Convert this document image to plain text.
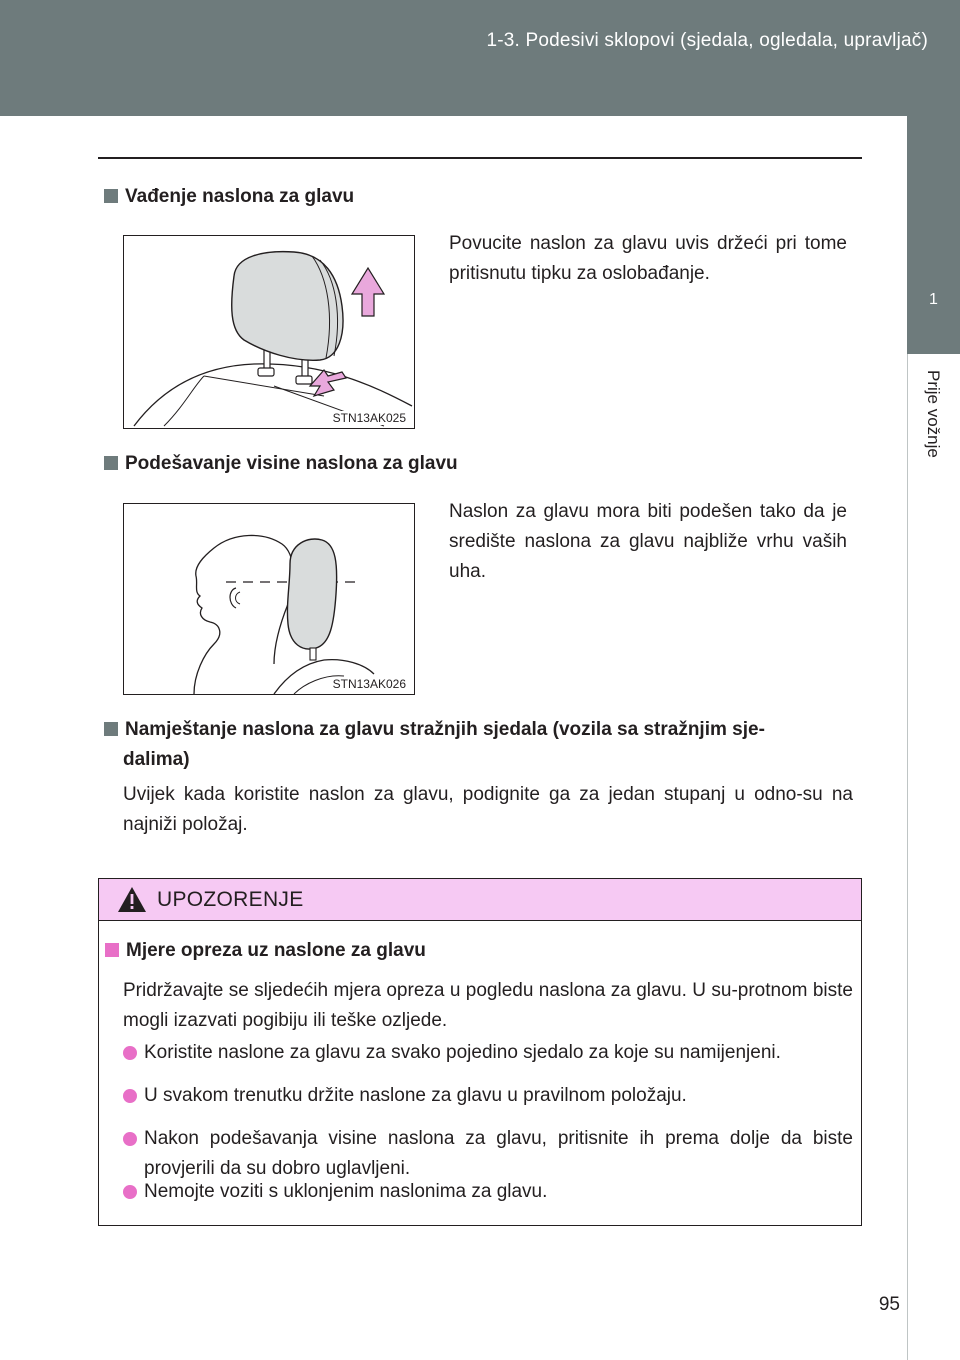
1-3. Podesivi sklopovi (sjedala, ogledala, upravljač)
1
Prije vožnje
Vađenje naslona za glavu
STN13AK025
Povucite naslon za glavu uvis držeći pri tome pritisnutu tipku za oslobađanje.
Podešavanje visine naslona za glavu
STN13AK026
Naslon za glavu mora biti podešen tako da je središte naslona za glavu najbliže vrhu vaših uha.
Namještanje naslona za glavu stražnjih sjedala (vozila sa stražnjim sje-
dalima)
Uvijek kada koristite naslon za glavu, podignite ga za jedan stupanj u odno-su na najniži položaj.
UPOZORENJE
Mjere opreza uz naslone za glavu
Pridržavajte se sljedećih mjera opreza u pogledu naslona za glavu. U su-protnom biste mogli izazvati pogibiju ili teške ozljede.
Koristite naslone za glavu za svako pojedino sjedalo za koje su namijenjeni.
U svakom trenutku držite naslone za glavu u pravilnom položaju.
Nakon podešavanja visine naslona za glavu, pritisnite ih prema dolje da biste provjerili da su dobro uglavljeni.
Nemojte voziti s uklonjenim naslonima za glavu.
95
